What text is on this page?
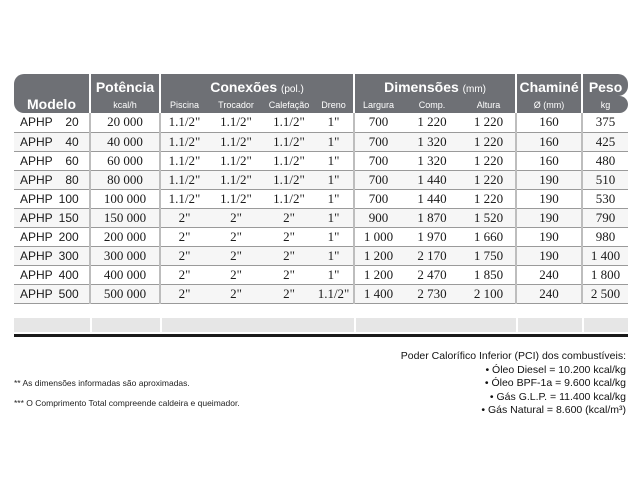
Modelo	Potência	Conexões (pol.)				Dimensões (mm)			Chaminé	Peso
	kcal/h	Piscina	Trocador	Calefação	Dreno	Largura	Comp.	Altura	Ø (mm)	kg
APHP 20	20 000	1.1/2"	1.1/2"	1.1/2"	1"	700	1 220	1 220	160	375
APHP 40	40 000	1.1/2"	1.1/2"	1.1/2"	1"	700	1 320	1 220	160	425
APHP 60	60 000	1.1/2"	1.1/2"	1.1/2"	1"	700	1 320	1 220	160	480
APHP 80	80 000	1.1/2"	1.1/2"	1.1/2"	1"	700	1 440	1 220	190	510
APHP 100	100 000	1.1/2"	1.1/2"	1.1/2"	1"	700	1 440	1 220	190	530
APHP 150	150 000	2"	2"	2"	1"	900	1 870	1 520	190	790
APHP 200	200 000	2"	2"	2"	1"	1 000	1 970	1 660	190	980
APHP 300	300 000	2"	2"	2"	1"	1 200	2 170	1 750	190	1 400
APHP 400	400 000	2"	2"	2"	1"	1 200	2 470	1 850	240	1 800
APHP 500	500 000	2"	2"	2"	1.1/2"	1 400	2 730	2 100	240	2 500

** As dimensões informadas são aproximadas.

*** O Comprimento Total compreende caldeira e queimador.

Poder Calorífico Inferior (PCI) dos combustíveis:
• Óleo Diesel = 10.200 kcal/kg
• Óleo BPF-1a = 9.600 kcal/kg
• Gás G.L.P. = 11.400 kcal/kg
• Gás Natural = 8.600 (kcal/m³)
